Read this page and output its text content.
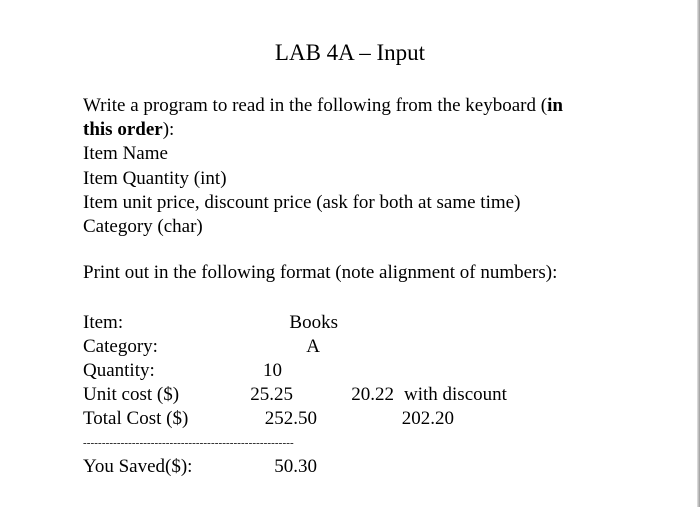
LAB 4A – Input
Write a program to read in the following from the keyboard (in
this order):
Item Name
Item Quantity (int)
Item unit price, discount price (ask for both at same time)
Category (char)

Print out in the following format (note alignment of numbers):

Item:	Books
Category:	A
Quantity:	10
Unit cost ($)	25.25	20.22 with discount
Total Cost ($)	252.50	202.20
--------------------------------------------------------
You Saved($):	50.30
